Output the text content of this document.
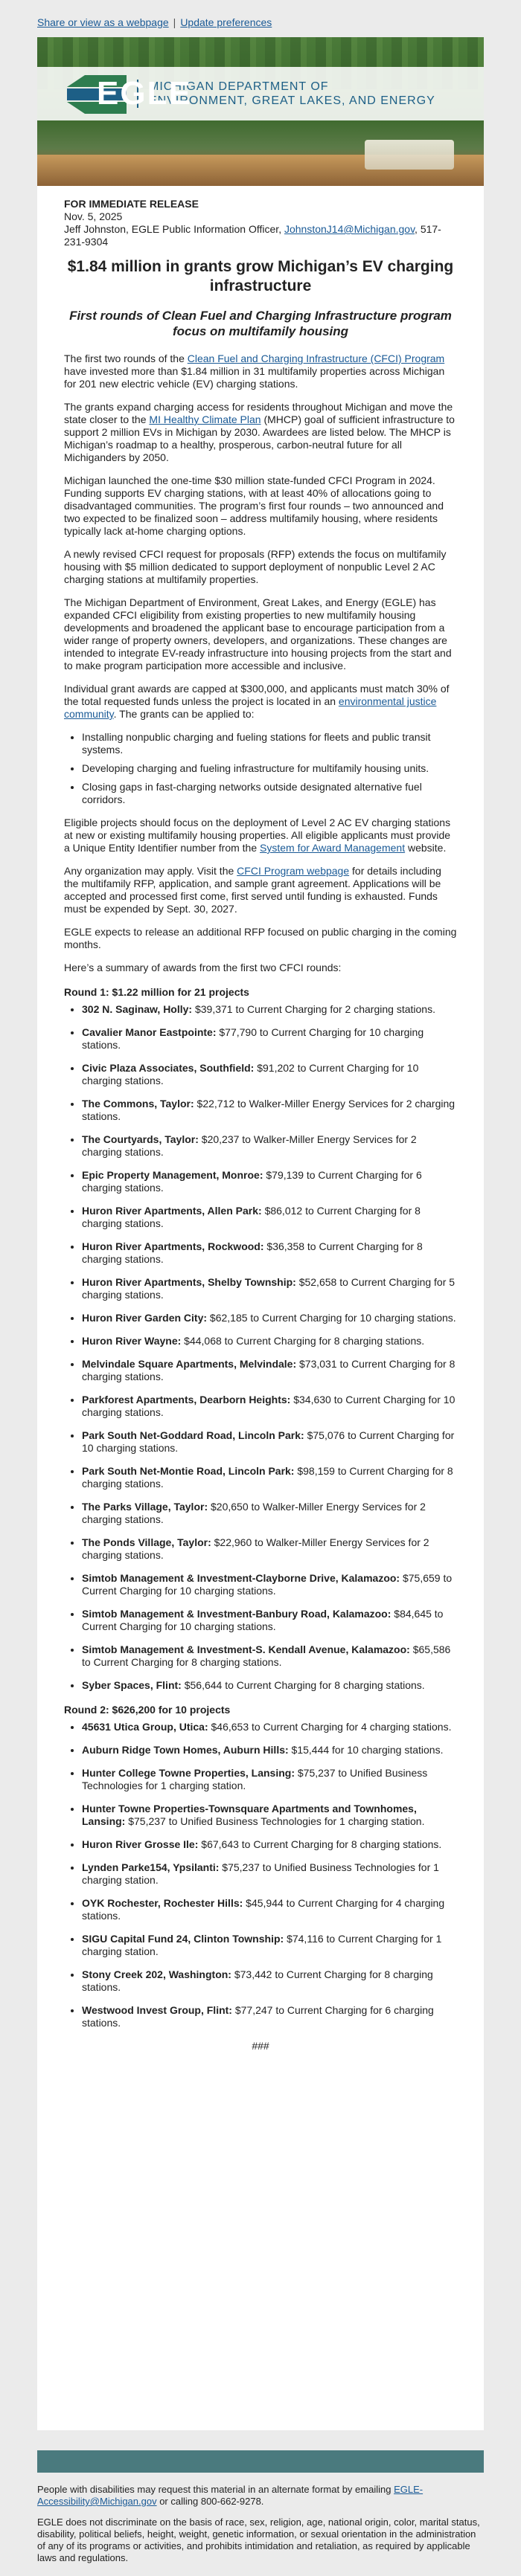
Share or view as a webpage | Update preferences
EGLE
MICHIGAN DEPARTMENT OF
ENVIRONMENT, GREAT LAKES, AND ENERGY
FOR IMMEDIATE RELEASE
Nov. 5, 2025
Jeff Johnston, EGLE Public Information Officer, JohnstonJ14@Michigan.gov, 517-231-9304
$1.84 million in grants grow Michigan’s EV charging infrastructure
First rounds of Clean Fuel and Charging Infrastructure program focus on multifamily housing

The first two rounds of the Clean Fuel and Charging Infrastructure (CFCI) Program have invested more than $1.84 million in 31 multifamily properties across Michigan for 201 new electric vehicle (EV) charging stations.

The grants expand charging access for residents throughout Michigan and move the state closer to the MI Healthy Climate Plan (MHCP) goal of sufficient infrastructure to support 2 million EVs in Michigan by 2030. Awardees are listed below. The MHCP is Michigan’s roadmap to a healthy, prosperous, carbon-neutral future for all Michiganders by 2050.

Michigan launched the one-time $30 million state-funded CFCI Program in 2024. Funding supports EV charging stations, with at least 40% of allocations going to disadvantaged communities. The program’s first four rounds – two announced and two expected to be finalized soon – address multifamily housing, where residents typically lack at-home charging options.

A newly revised CFCI request for proposals (RFP) extends the focus on multifamily housing with $5 million dedicated to support deployment of nonpublic Level 2 AC charging stations at multifamily properties.

The Michigan Department of Environment, Great Lakes, and Energy (EGLE) has expanded CFCI eligibility from existing properties to new multifamily housing developments and broadened the applicant base to encourage participation from a wider range of property owners, developers, and organizations. These changes are intended to integrate EV-ready infrastructure into housing projects from the start and to make program participation more accessible and inclusive.

Individual grant awards are capped at $300,000, and applicants must match 30% of the total requested funds unless the project is located in an environmental justice community. The grants can be applied to:

• Installing nonpublic charging and fueling stations for fleets and public transit systems.
• Developing charging and fueling infrastructure for multifamily housing units.
• Closing gaps in fast-charging networks outside designated alternative fuel corridors.

Eligible projects should focus on the deployment of Level 2 AC EV charging stations at new or existing multifamily housing properties. All eligible applicants must provide a Unique Entity Identifier number from the System for Award Management website.

Any organization may apply. Visit the CFCI Program webpage for details including the multifamily RFP, application, and sample grant agreement. Applications will be accepted and processed first come, first served until funding is exhausted. Funds must be expended by Sept. 30, 2027.

EGLE expects to release an additional RFP focused on public charging in the coming months.

Here’s a summary of awards from the first two CFCI rounds:

Round 1: $1.22 million for 21 projects
• 302 N. Saginaw, Holly: $39,371 to Current Charging for 2 charging stations.
• Cavalier Manor Eastpointe: $77,790 to Current Charging for 10 charging stations.
• Civic Plaza Associates, Southfield: $91,202 to Current Charging for 10 charging stations.
• The Commons, Taylor: $22,712 to Walker-Miller Energy Services for 2 charging stations.
• The Courtyards, Taylor: $20,237 to Walker-Miller Energy Services for 2 charging stations.
• Epic Property Management, Monroe: $79,139 to Current Charging for 6 charging stations.
• Huron River Apartments, Allen Park: $86,012 to Current Charging for 8 charging stations.
• Huron River Apartments, Rockwood: $36,358 to Current Charging for 8 charging stations.
• Huron River Apartments, Shelby Township: $52,658 to Current Charging for 5 charging stations.
• Huron River Garden City: $62,185 to Current Charging for 10 charging stations.
• Huron River Wayne: $44,068 to Current Charging for 8 charging stations.
• Melvindale Square Apartments, Melvindale: $73,031 to Current Charging for 8 charging stations.
• Parkforest Apartments, Dearborn Heights: $34,630 to Current Charging for 10 charging stations.
• Park South Net-Goddard Road, Lincoln Park: $75,076 to Current Charging for 10 charging stations.
• Park South Net-Montie Road, Lincoln Park: $98,159 to Current Charging for 8 charging stations.
• The Parks Village, Taylor: $20,650 to Walker-Miller Energy Services for 2 charging stations.
• The Ponds Village, Taylor: $22,960 to Walker-Miller Energy Services for 2 charging stations.
• Simtob Management & Investment-Clayborne Drive, Kalamazoo: $75,659 to Current Charging for 10 charging stations.
• Simtob Management & Investment-Banbury Road, Kalamazoo: $84,645 to Current Charging for 10 charging stations.
• Simtob Management & Investment-S. Kendall Avenue, Kalamazoo: $65,586 to Current Charging for 8 charging stations.
• Syber Spaces, Flint: $56,644 to Current Charging for 8 charging stations.
Round 2: $626,200 for 10 projects
• 45631 Utica Group, Utica: $46,653 to Current Charging for 4 charging stations.
• Auburn Ridge Town Homes, Auburn Hills: $15,444 for 10 charging stations.
• Hunter College Towne Properties, Lansing: $75,237 to Unified Business Technologies for 1 charging station.
• Hunter Towne Properties-Townsquare Apartments and Townhomes, Lansing: $75,237 to Unified Business Technologies for 1 charging station.
• Huron River Grosse Ile: $67,643 to Current Charging for 8 charging stations.
• Lynden Parke154, Ypsilanti: $75,237 to Unified Business Technologies for 1 charging station.
• OYK Rochester, Rochester Hills: $45,944 to Current Charging for 4 charging stations.
• SIGU Capital Fund 24, Clinton Township: $74,116 to Current Charging for 1 charging station.
• Stony Creek 202, Washington: $73,442 to Current Charging for 8 charging stations.
• Westwood Invest Group, Flint: $77,247 to Current Charging for 6 charging stations.
###

People with disabilities may request this material in an alternate format by emailing EGLE-Accessibility@Michigan.gov or calling 800-662-9278.

EGLE does not discriminate on the basis of race, sex, religion, age, national origin, color, marital status, disability, political beliefs, height, weight, genetic information, or sexual orientation in the administration of any of its programs or activities, and prohibits intimidation and retaliation, as required by applicable laws and regulations.
